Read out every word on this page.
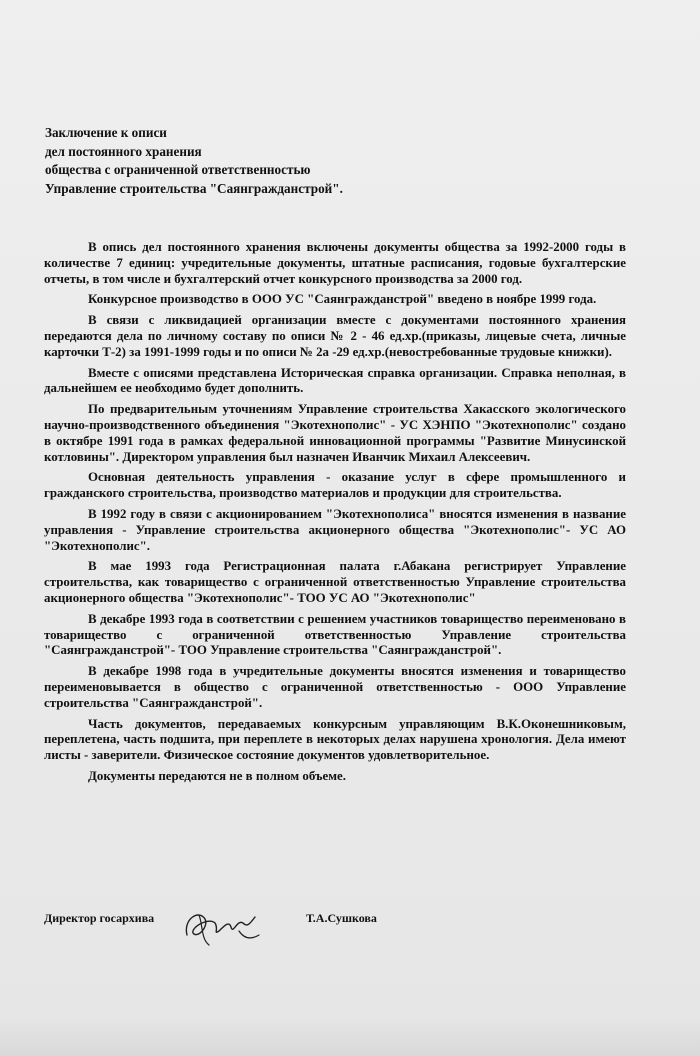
Заключение к описи
дел постоянного хранения
общества с ограниченной ответственностью
Управление строительства "Саянгражданстрой".

В опись дел постоянного хранения включены документы общества за 1992-2000 годы в количестве 7 единиц: учредительные документы, штатные расписания, годовые бухгалтерские отчеты, в том числе и бухгалтерский отчет конкурсного производства за 2000 год.

Конкурсное производство в ООО УС "Саянгражданстрой" введено в ноябре 1999 года.

В связи с ликвидацией организации вместе с документами постоянного хранения передаются дела по личному составу по описи № 2 - 46 ед.хр.(приказы, лицевые счета, личные карточки Т-2) за 1991-1999 годы и по описи № 2а -29 ед.хр.(невостребованные трудовые книжки).

Вместе с описями представлена Историческая справка организации. Справка неполная, в дальнейшем ее необходимо будет дополнить.

По предварительным уточнениям Управление строительства Хакасского экологического научно-производственного объединения "Экотехнополис" - УС ХЭНПО "Экотехнополис" создано в октябре 1991 года в рамках федеральной инновационной программы "Развитие Минусинской котловины". Директором управления был назначен Иванчик Михаил Алексеевич.

Основная деятельность управления - оказание услуг в сфере промышленного и гражданского строительства, производство материалов и продукции для строительства.

В 1992 году в связи с акционированием "Экотехнополиса" вносятся изменения в название управления - Управление строительства акционерного общества "Экотехнополис"- УС АО "Экотехнополис".

В мае 1993 года Регистрационная палата г.Абакана регистрирует Управление строительства, как товарищество с ограниченной ответственностью Управление строительства акционерного общества "Экотехнополис"- ТОО УС АО "Экотехнополис"

В декабре 1993 года в соответствии с решением участников товарищество переименовано в товарищество с ограниченной ответственностью Управление строительства "Саянгражданстрой"- ТОО Управление строительства "Саянгражданстрой".

В декабре 1998 года в учредительные документы вносятся изменения и товарищество переименовывается в общество с ограниченной ответственностью - ООО Управление строительства "Саянгражданстрой".

Часть документов, передаваемых конкурсным управляющим В.К.Оконешниковым, переплетена, часть подшита, при переплете в некоторых делах нарушена хронология. Дела имеют листы - заверители. Физическое состояние документов удовлетворительное.

Документы передаются не в полном объеме.

Директор госархива	Т.А.Сушкова
